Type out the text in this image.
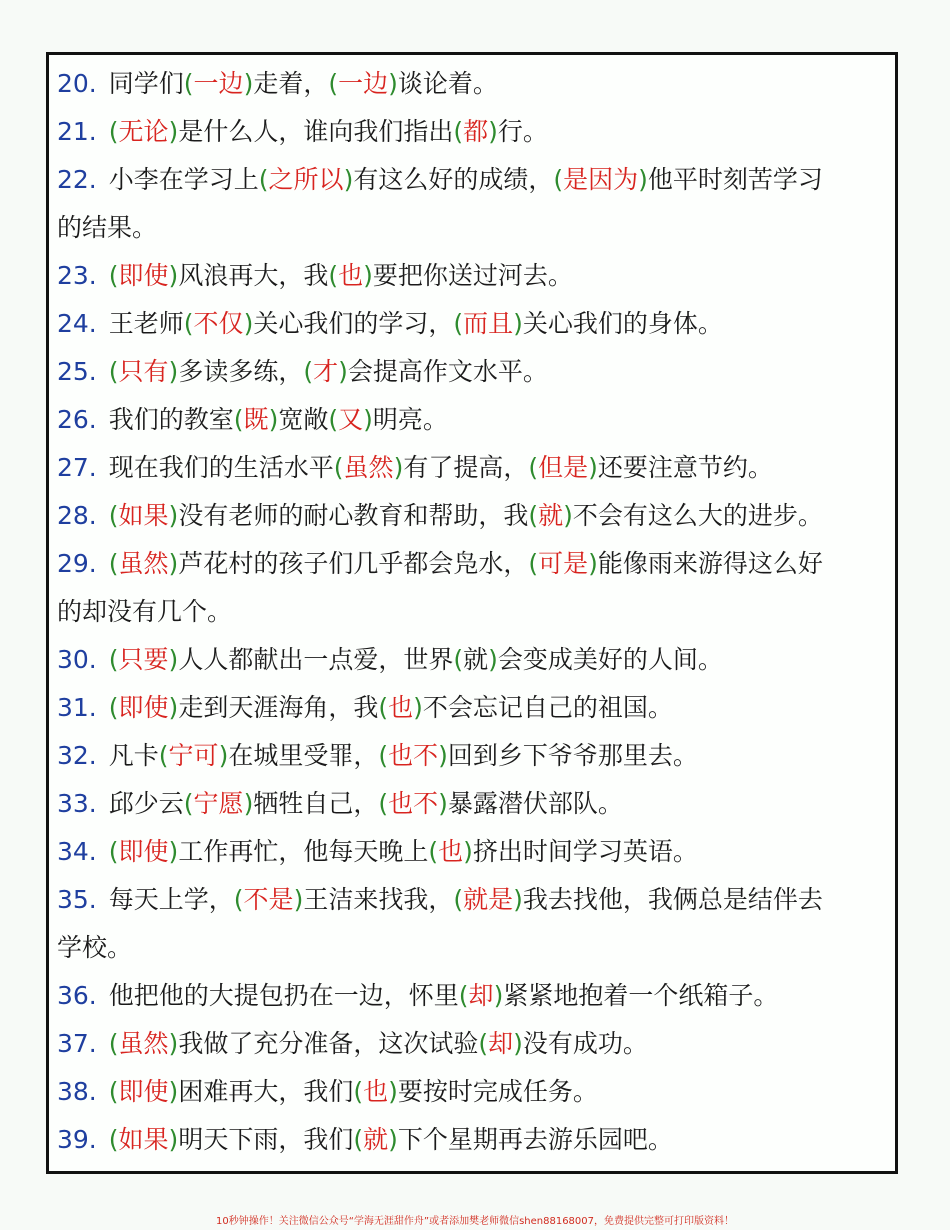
20. 同学们(一边)走着，(一边)谈论着。
21. (无论)是什么人，谁向我们指出(都)行。
22. 小李在学习上(之所以)有这么好的成绩，(是因为)他平时刻苦学习
的结果。
23. (即使)风浪再大，我(也)要把你送过河去。
24. 王老师(不仅)关心我们的学习，(而且)关心我们的身体。
25. (只有)多读多练，(才)会提高作文水平。
26. 我们的教室(既)宽敞(又)明亮。
27. 现在我们的生活水平(虽然)有了提高，(但是)还要注意节约。
28. (如果)没有老师的耐心教育和帮助，我(就)不会有这么大的进步。
29. (虽然)芦花村的孩子们几乎都会凫水，(可是)能像雨来游得这么好
的却没有几个。
30. (只要)人人都献出一点爱，世界(就)会变成美好的人间。
31. (即使)走到天涯海角，我(也)不会忘记自己的祖国。
32. 凡卡(宁可)在城里受罪，(也不)回到乡下爷爷那里去。
33. 邱少云(宁愿)牺牲自己，(也不)暴露潜伏部队。
34. (即使)工作再忙，他每天晚上(也)挤出时间学习英语。
35. 每天上学，(不是)王洁来找我，(就是)我去找他，我俩总是结伴去
学校。
36. 他把他的大提包扔在一边，怀里(却)紧紧地抱着一个纸箱子。
37. (虽然)我做了充分准备，这次试验(却)没有成功。
38. (即使)困难再大，我们(也)要按时完成任务。
39. (如果)明天下雨，我们(就)下个星期再去游乐园吧。
10秒钟操作！关注微信公众号“学海无涯甜作舟”或者添加樊老师微信shen88168007，免费提供完整可打印版资料！
